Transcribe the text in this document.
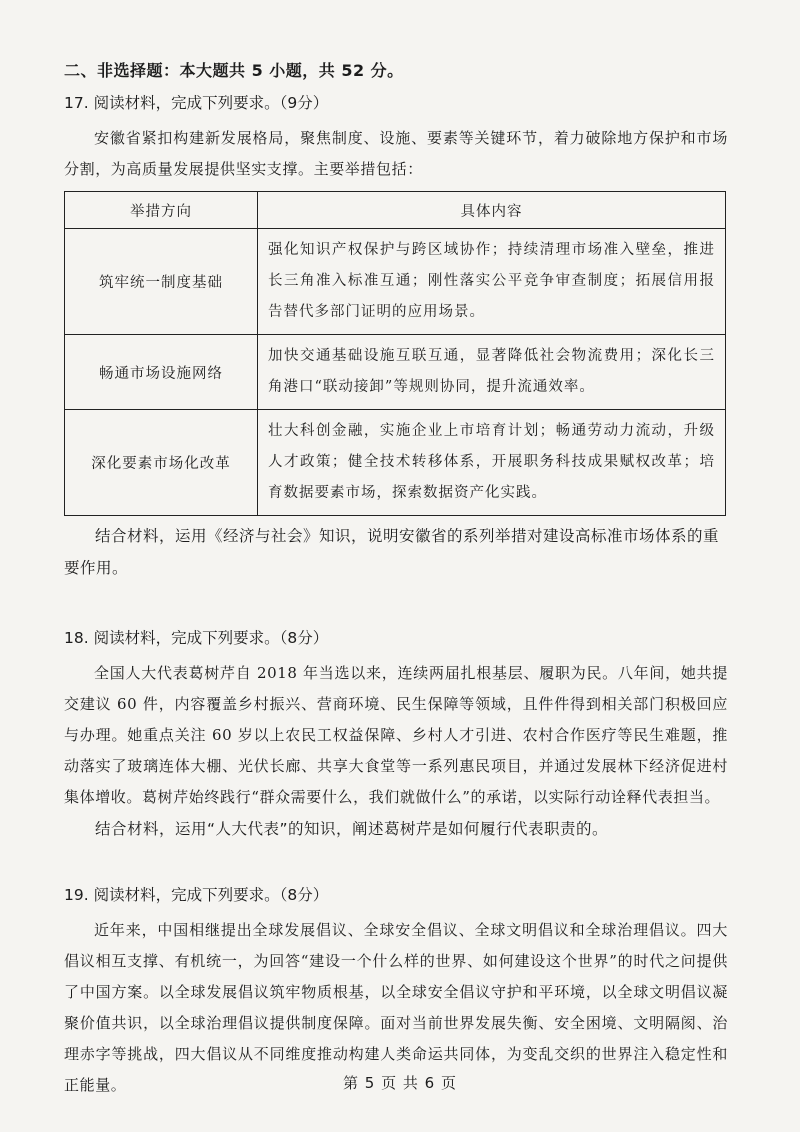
二、非选择题：本大题共 5 小题，共 52 分。
17. 阅读材料，完成下列要求。（9分）

安徽省紧扣构建新发展格局，聚焦制度、设施、要素等关键环节，着力破除地方保护和市场分割，为高质量发展提供坚实支撑。主要举措包括：

举措方向	具体内容
筑牢统一制度基础	强化知识产权保护与跨区域协作；持续清理市场准入壁垒，推进长三角准入标准互通；刚性落实公平竞争审查制度；拓展信用报告替代多部门证明的应用场景。
畅通市场设施网络	加快交通基础设施互联互通，显著降低社会物流费用；深化长三角港口“联动接卸”等规则协同，提升流通效率。
深化要素市场化改革	壮大科创金融，实施企业上市培育计划；畅通劳动力流动，升级人才政策；健全技术转移体系，开展职务科技成果赋权改革；培育数据要素市场，探索数据资产化实践。

结合材料，运用《经济与社会》知识，说明安徽省的系列举措对建设高标准市场体系的重要作用。

18. 阅读材料，完成下列要求。（8分）

全国人大代表葛树芹自 2018 年当选以来，连续两届扎根基层、履职为民。八年间，她共提交建议 60 件，内容覆盖乡村振兴、营商环境、民生保障等领域，且件件得到相关部门积极回应与办理。她重点关注 60 岁以上农民工权益保障、乡村人才引进、农村合作医疗等民生难题，推动落实了玻璃连体大棚、光伏长廊、共享大食堂等一系列惠民项目，并通过发展林下经济促进村集体增收。葛树芹始终践行“群众需要什么，我们就做什么”的承诺，以实际行动诠释代表担当。

结合材料，运用“人大代表”的知识，阐述葛树芹是如何履行代表职责的。

19. 阅读材料，完成下列要求。（8分）

近年来，中国相继提出全球发展倡议、全球安全倡议、全球文明倡议和全球治理倡议。四大倡议相互支撑、有机统一，为回答“建设一个什么样的世界、如何建设这个世界”的时代之问提供了中国方案。以全球发展倡议筑牢物质根基，以全球安全倡议守护和平环境，以全球文明倡议凝聚价值共识，以全球治理倡议提供制度保障。面对当前世界发展失衡、安全困境、文明隔阂、治理赤字等挑战，四大倡议从不同维度推动构建人类命运共同体，为变乱交织的世界注入稳定性和正能量。	第 5 页 共 6 页
